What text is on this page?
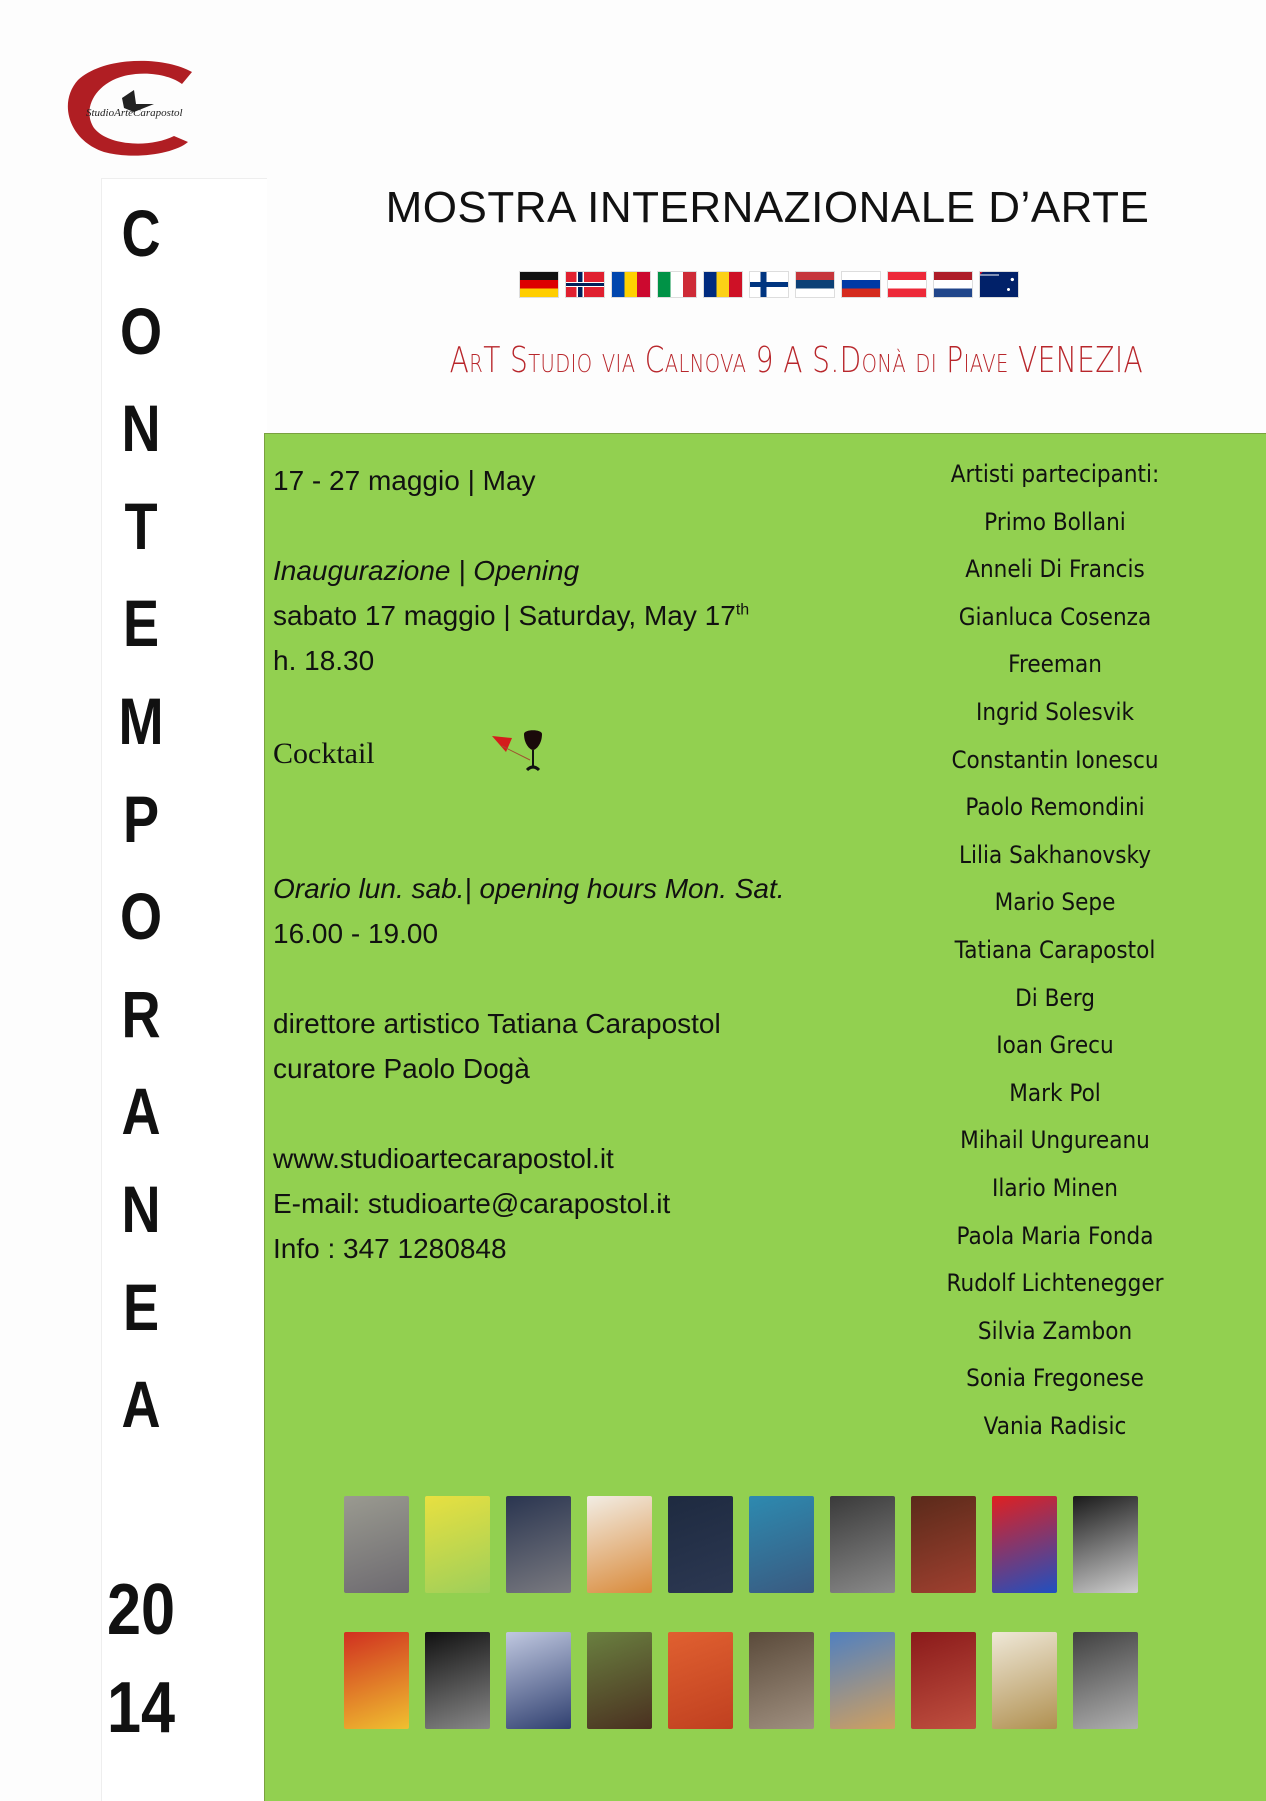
StudioArteCarapostol
C
O
N
T
E
M
P
O
R
A
N
E
A
20
14
MOSTRA INTERNAZIONALE D’ARTE
ArT Studio via Calnova 9 A S.Donà di Piave VENEZIA
17 - 27 maggio | May
Inaugurazione | Opening
sabato 17 maggio | Saturday, May 17th
h. 18.30
Cocktail
Orario lun. sab.| opening hours Mon. Sat.
16.00 - 19.00
direttore artistico Tatiana Carapostol
curatore Paolo Dogà
www.studioartecarapostol.it
E-mail: studioarte@carapostol.it
Info : 347 1280848
Artisti partecipanti:
Primo Bollani
Anneli Di Francis
Gianluca Cosenza
Freeman
Ingrid Solesvik
Constantin Ionescu
Paolo Remondini
Lilia Sakhanovsky
Mario Sepe
Tatiana Carapostol
Di Berg
Ioan Grecu
Mark Pol
Mihail Ungureanu
Ilario Minen
Paola Maria Fonda
Rudolf Lichtenegger
Silvia Zambon
Sonia Fregonese
Vania Radisic
